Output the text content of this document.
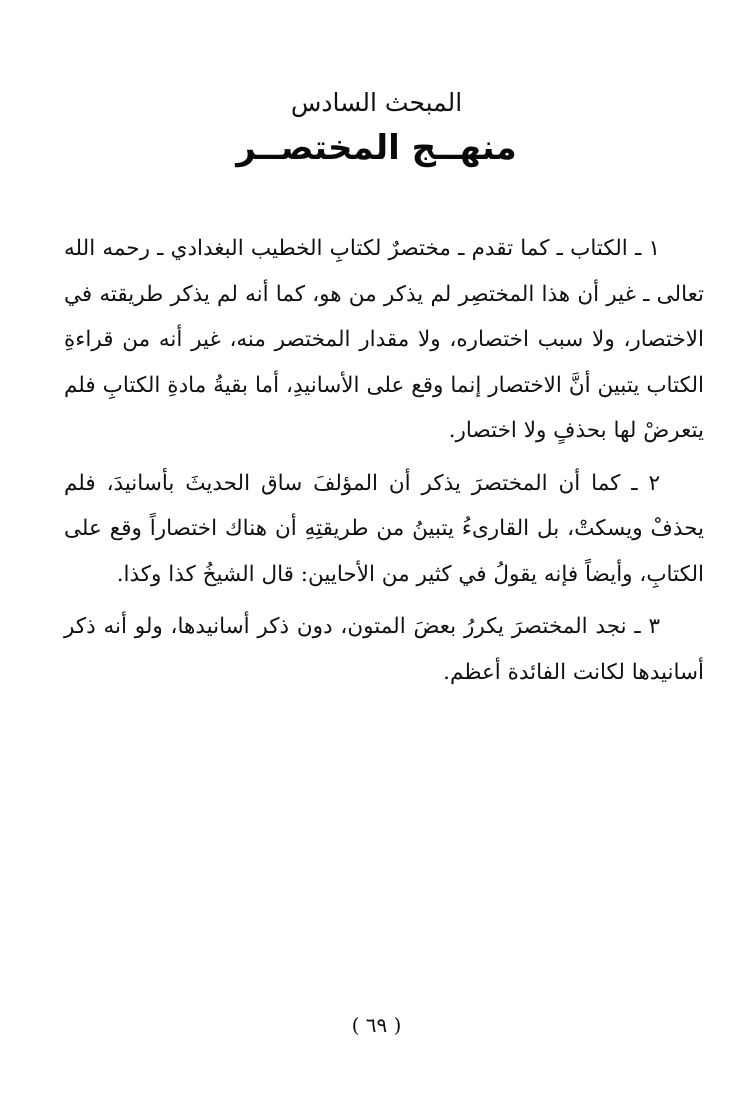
المبحث السادس
منهــج المختصــر

١ ـ الكتاب ـ كما تقدم ـ مختصرٌ لكتابِ الخطيب البغدادي ـ رحمه الله تعالى ـ غير أن هذا المختصِر لم يذكر من هو، كما أنه لم يذكر طريقته في الاختصار، ولا سبب اختصاره، ولا مقدار المختصر منه، غير أنه من قراءةِ الكتاب يتبين أنَّ الاختصار إنما وقع على الأسانيدِ، أما بقيةُ مادةِ الكتابِ فلم يتعرضْ لها بحذفٍ ولا اختصار.

٢ ـ كما أن المختصرَ يذكر أن المؤلفَ ساق الحديثَ بأسانيدَ، فلم يحذفْ ويسكتْ، بل القارىءُ يتبينُ من طريقتِهِ أن هناك اختصاراً وقع على الكتابِ، وأيضاً فإنه يقولُ في كثير من الأحايين: قال الشيخُ كذا وكذا.

٣ ـ نجد المختصرَ يكررُ بعضَ المتون، دون ذكر أسانيدها، ولو أنه ذكر أسانيدها لكانت الفائدة أعظم.

( ٦٩ )
